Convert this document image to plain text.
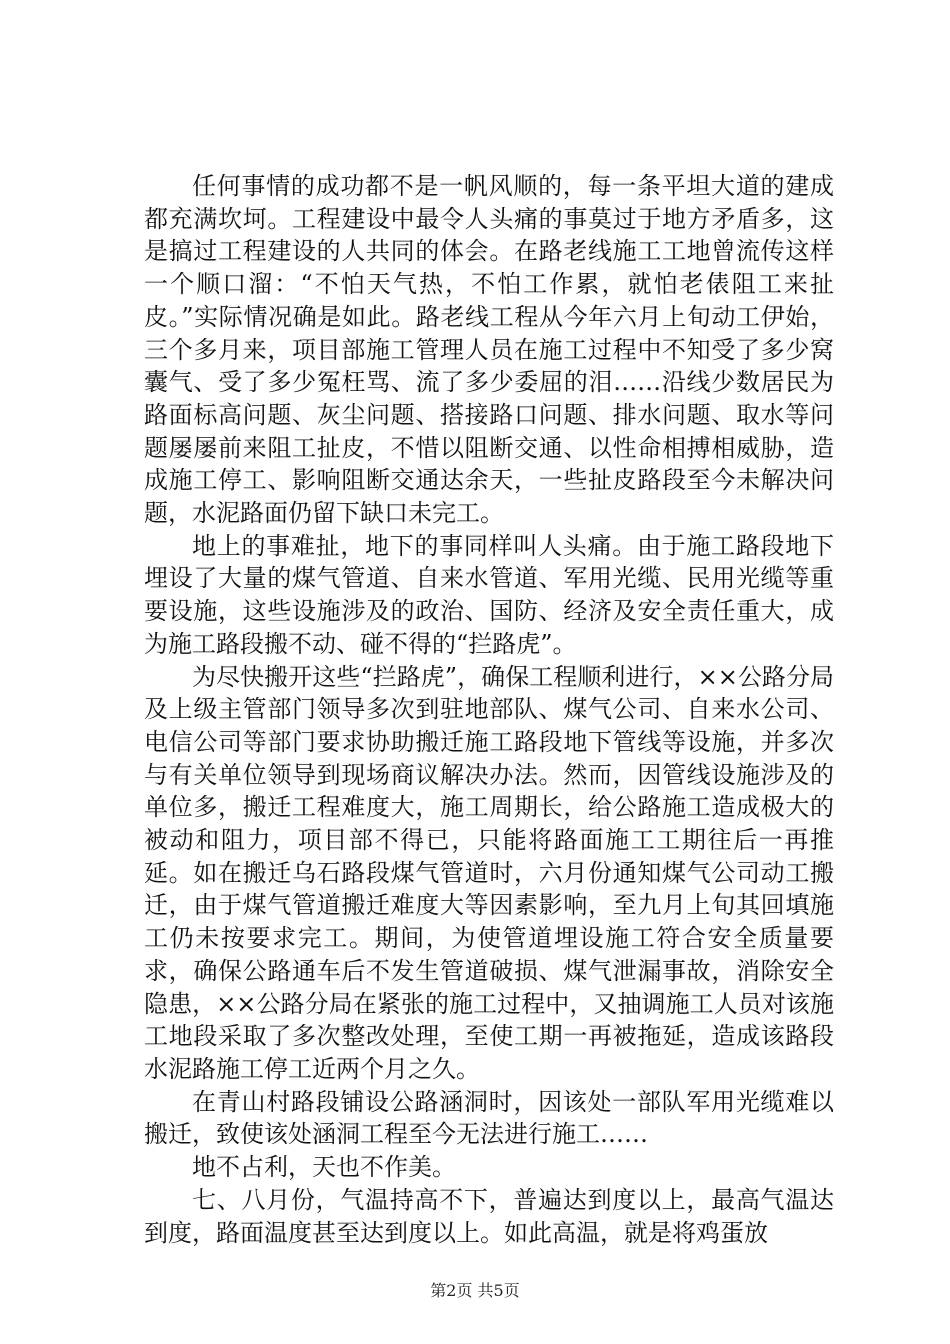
任何事情的成功都不是一帆风顺的，每一条平坦大道的建成都充满坎坷。工程建设中最令人头痛的事莫过于地方矛盾多，这是搞过工程建设的人共同的体会。在路老线施工工地曾流传这样一个顺口溜：“不怕天气热，不怕工作累，就怕老俵阻工来扯皮。”实际情况确是如此。路老线工程从今年六月上旬动工伊始，三个多月来，项目部施工管理人员在施工过程中不知受了多少窝囊气、受了多少冤枉骂、流了多少委屈的泪……沿线少数居民为路面标高问题、灰尘问题、搭接路口问题、排水问题、取水等问题屡屡前来阻工扯皮，不惜以阻断交通、以性命相搏相威胁，造成施工停工、影响阻断交通达余天，一些扯皮路段至今未解决问题，水泥路面仍留下缺口未完工。

地上的事难扯，地下的事同样叫人头痛。由于施工路段地下埋设了大量的煤气管道、自来水管道、军用光缆、民用光缆等重要设施，这些设施涉及的政治、国防、经济及安全责任重大，成为施工路段搬不动、碰不得的“拦路虎”。

为尽快搬开这些“拦路虎”，确保工程顺利进行，××公路分局及上级主管部门领导多次到驻地部队、煤气公司、自来水公司、电信公司等部门要求协助搬迁施工路段地下管线等设施，并多次与有关单位领导到现场商议解决办法。然而，因管线设施涉及的单位多，搬迁工程难度大，施工周期长，给公路施工造成极大的被动和阻力，项目部不得已，只能将路面施工工期往后一再推延。如在搬迁乌石路段煤气管道时，六月份通知煤气公司动工搬迁，由于煤气管道搬迁难度大等因素影响，至九月上旬其回填施工仍未按要求完工。期间，为使管道埋设施工符合安全质量要求，确保公路通车后不发生管道破损、煤气泄漏事故，消除安全隐患，××公路分局在紧张的施工过程中，又抽调施工人员对该施工地段采取了多次整改处理，至使工期一再被拖延，造成该路段水泥路施工停工近两个月之久。

在青山村路段铺设公路涵洞时，因该处一部队军用光缆难以搬迁，致使该处涵洞工程至今无法进行施工……

地不占利，天也不作美。

七、八月份，气温持高不下，普遍达到度以上，最高气温达到度，路面温度甚至达到度以上。如此高温，就是将鸡蛋放

第2页 共5页
